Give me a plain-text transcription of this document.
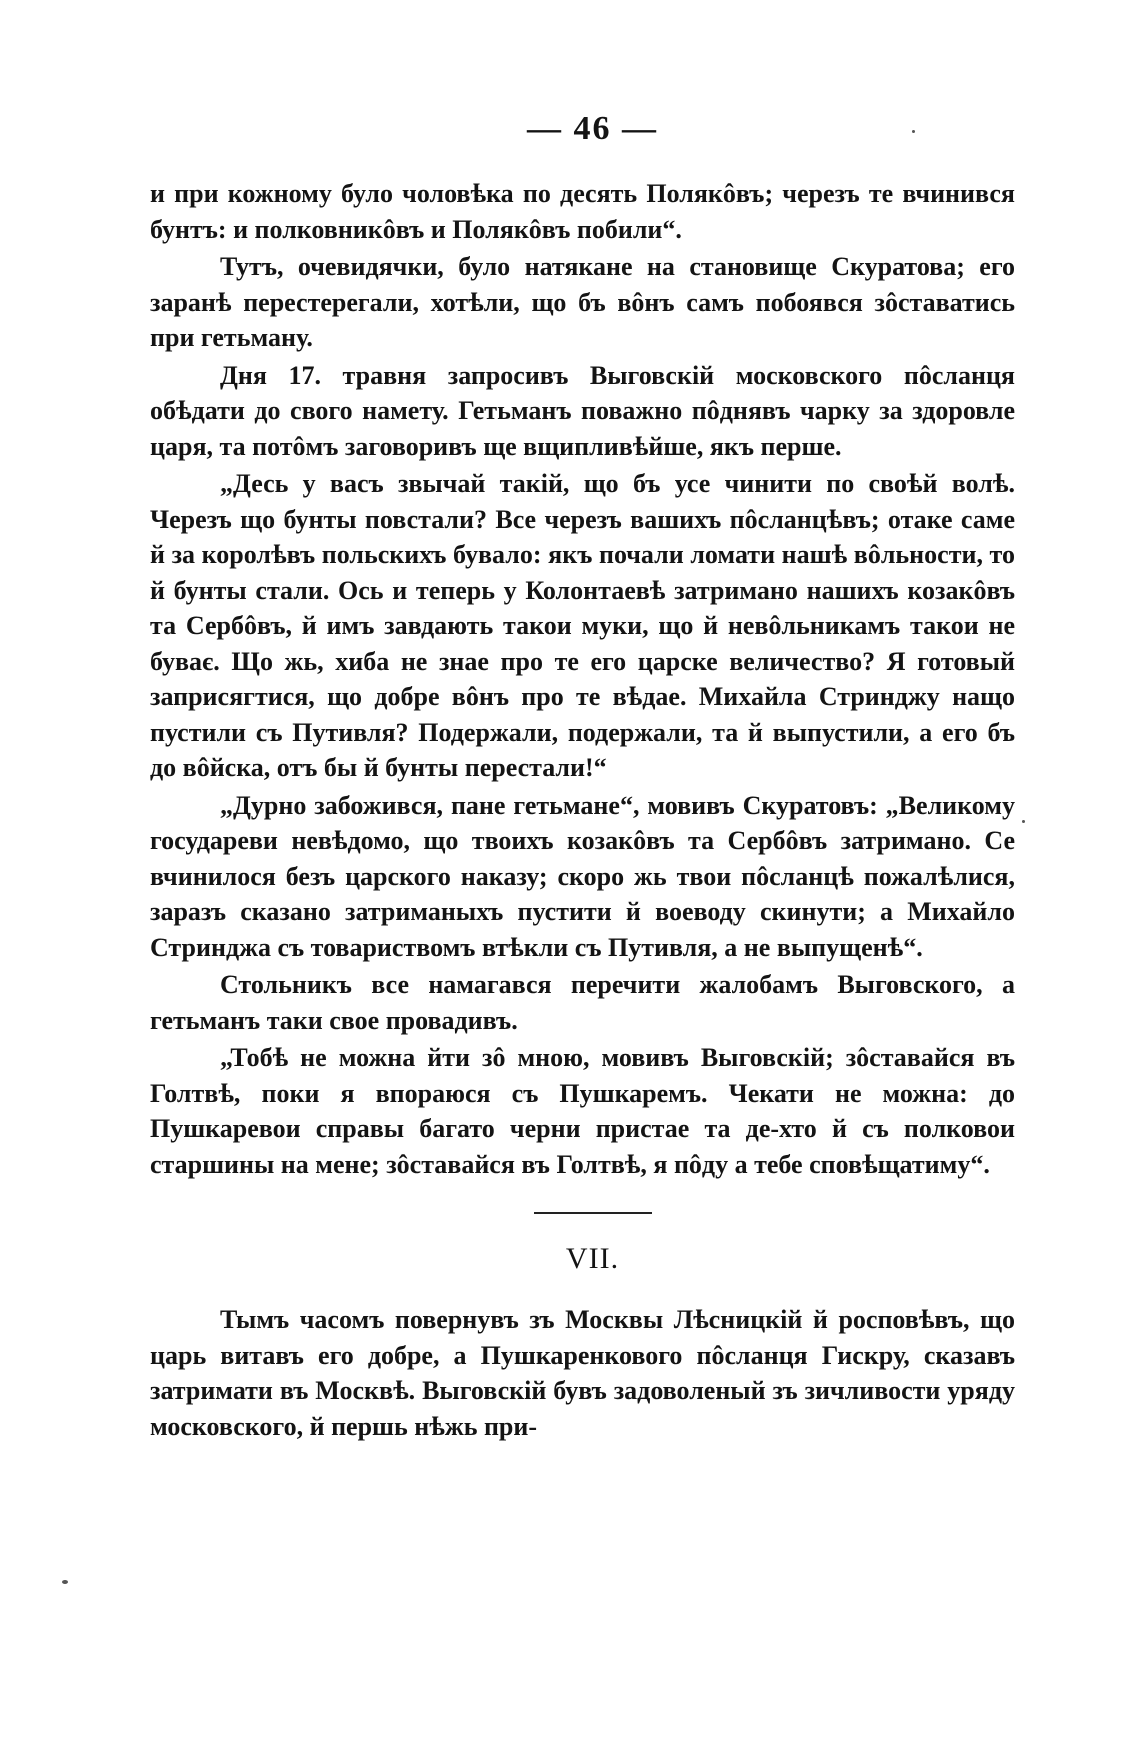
— 46 —

и при кожному було чоловѣка по десять Полякôвъ; черезъ те вчинився бунтъ: и полковникôвъ и Полякôвъ побили“.

Тутъ, очевидячки, було натякане на становище Скуратова; его заранѣ перестерегали, хотѣли, що бъ вôнъ самъ побоявся зôставатись при гетьману.

Дня 17. травня запросивъ Выговскій московского пôсланця обѣдати до свого намету. Гетьманъ поважно пôднявъ чарку за здоровле царя, та потôмъ заговоривъ ще вщипливѣйше, якъ перше.

„Десь у васъ звычай такій, що бъ усе чинити по своѣй волѣ. Черезъ що бунты повстали? Все черезъ вашихъ пôсланцѣвъ; отаке саме й за королѣвъ польскихъ бувало: якъ почали ломати нашѣ вôльности, то й бунты стали. Ось и теперь у Колонтаевѣ затримано нашихъ козакôвъ та Сербôвъ, й имъ завдають такои муки, що й невôльникамъ такои не буває. Що жь, хиба не знае про те его царске величество? Я готовый заприсягтися, що добре вôнъ про те вѣдае. Михайла Стринджу нащо пустили съ Путивля? Подержали, подержали, та й выпустили, а его бъ до вôйска, отъ бы й бунты перестали!“

„Дурно забожився, пане гетьмане“, мовивъ Скуратовъ: „Великому государеви невѣдомо, що твоихъ козакôвъ та Сербôвъ затримано. Се вчинилося безъ царского наказу; скоро жь твои пôсланцѣ пожалѣлися, заразъ сказано затриманыхъ пустити й воеводу скинути; а Михайло Стринджа съ товариствомъ втѣкли съ Путивля, а не выпущенѣ“.

Стольникъ все намагався перечити жалобамъ Выговского, а гетьманъ таки свое провадивъ.

„Тобѣ не можна йти зô мною, мовивъ Выговскій; зôставайся въ Голтвѣ, поки я впораюся съ Пушкаремъ. Чекати не можна: до Пушкаревои справы багато черни пристае та де-хто й съ полковои старшины на мене; зôставайся въ Голтвѣ, я пôду а тебе сповѣщатиму“.

VII.

Тымъ часомъ повернувъ зъ Москвы Лѣсницкій й росповѣвъ, що царь витавъ его добре, а Пушкаренкового пôсланця Гискру, сказавъ затримати въ Москвѣ. Выговскій бувъ задоволеный зъ зичливости уряду московского, й першь нѣжь при-
